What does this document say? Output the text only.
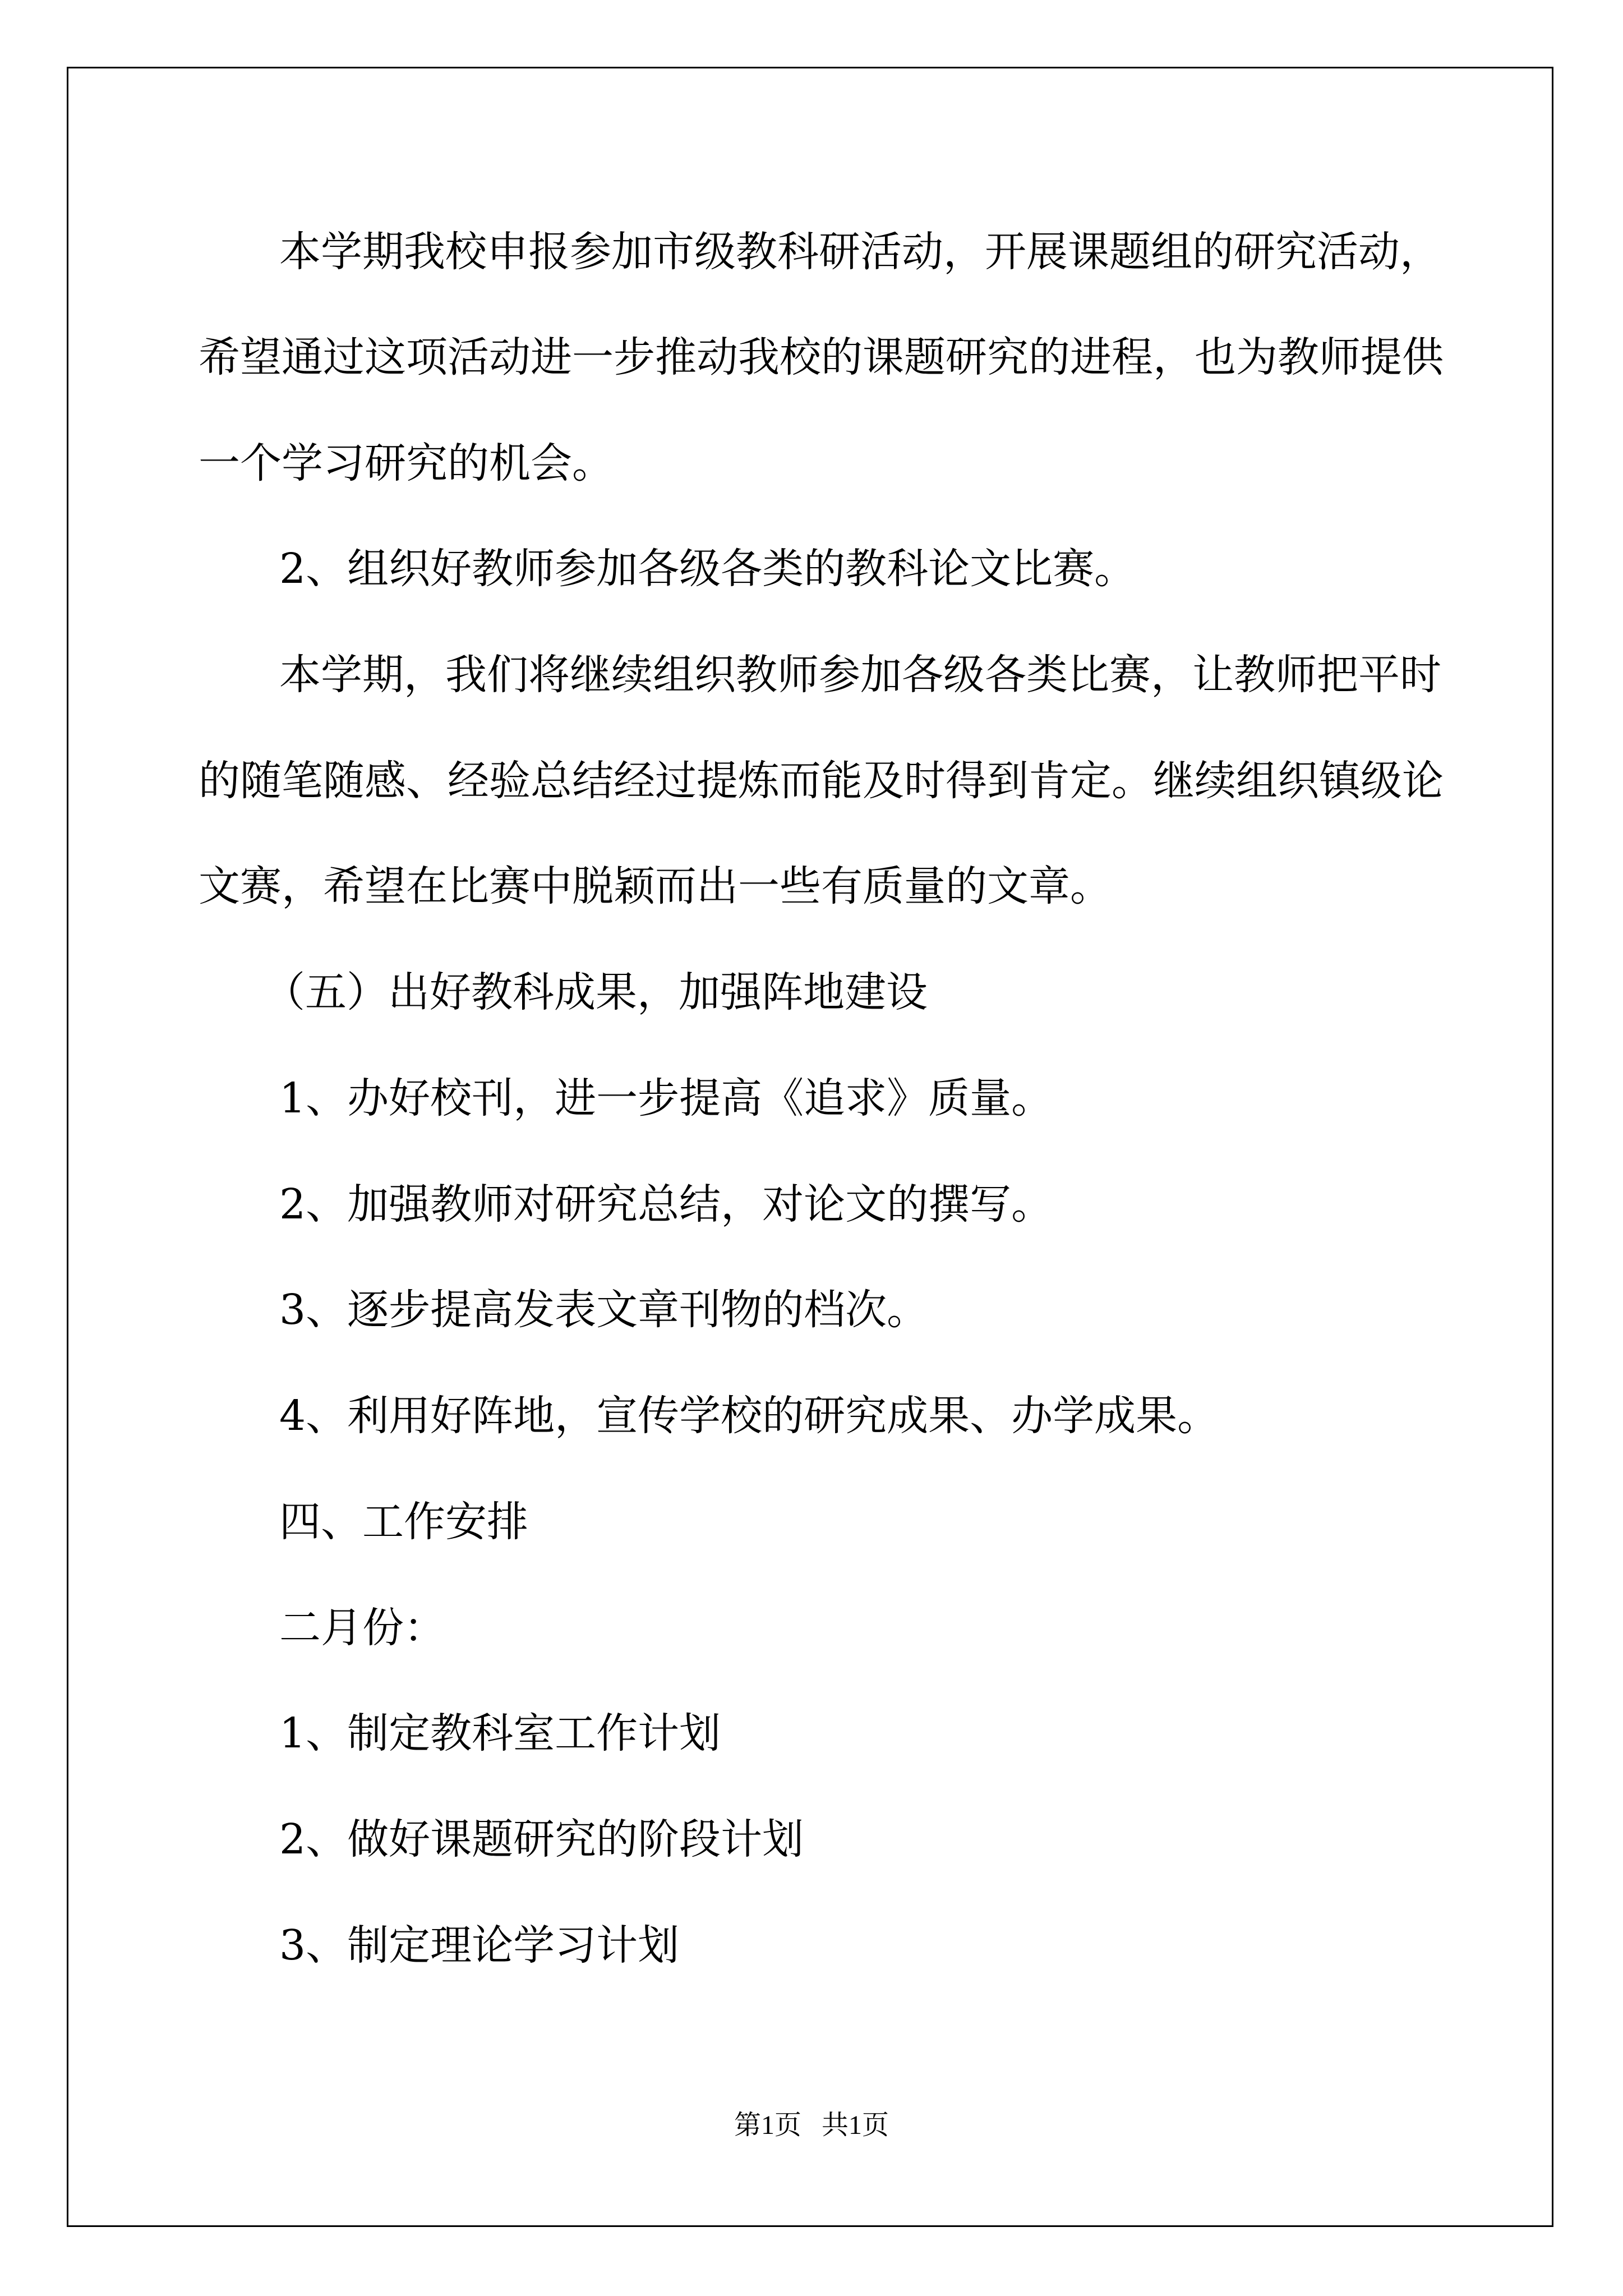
本学期我校申报参加市级教科研活动，开展课题组的研究活动，
希望通过这项活动进一步推动我校的课题研究的进程，也为教师提供
一个学习研究的机会。
2、组织好教师参加各级各类的教科论文比赛。
本学期，我们将继续组织教师参加各级各类比赛，让教师把平时
的随笔随感、经验总结经过提炼而能及时得到肯定。继续组织镇级论
文赛，希望在比赛中脱颖而出一些有质量的文章。
（五）出好教科成果，加强阵地建设
1、办好校刊，进一步提高《追求》质量。
2、加强教师对研究总结，对论文的撰写。
3、逐步提高发表文章刊物的档次。
4、利用好阵地，宣传学校的研究成果、办学成果。
四、工作安排
二月份：
1、制定教科室工作计划
2、做好课题研究的阶段计划
3、制定理论学习计划
第1页 共1页
